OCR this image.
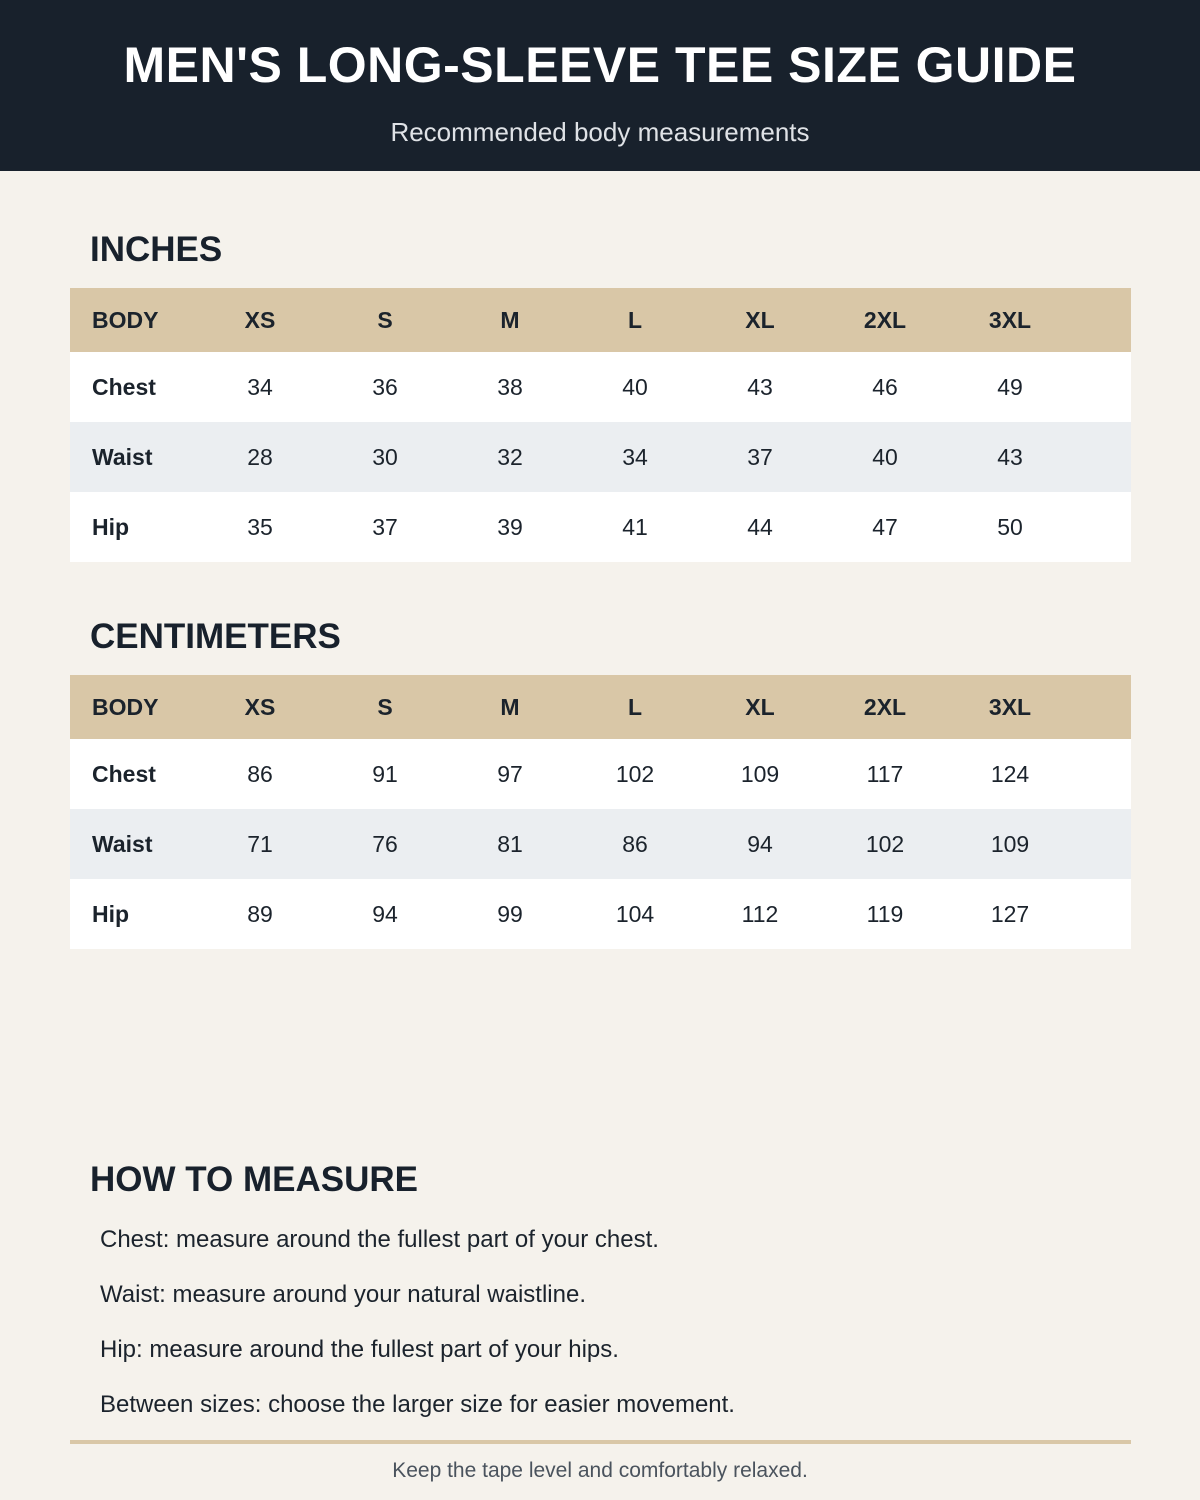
MEN'S LONG-SLEEVE TEE SIZE GUIDE
Recommended body measurements
INCHES
BODY	XS	S	M	L	XL	2XL	3XL
Chest	34	36	38	40	43	46	49
Waist	28	30	32	34	37	40	43
Hip	35	37	39	41	44	47	50
CENTIMETERS
BODY	XS	S	M	L	XL	2XL	3XL
Chest	86	91	97	102	109	117	124
Waist	71	76	81	86	94	102	109
Hip	89	94	99	104	112	119	127
HOW TO MEASURE
Chest: measure around the fullest part of your chest.
Waist: measure around your natural waistline.
Hip: measure around the fullest part of your hips.
Between sizes: choose the larger size for easier movement.
Keep the tape level and comfortably relaxed.
